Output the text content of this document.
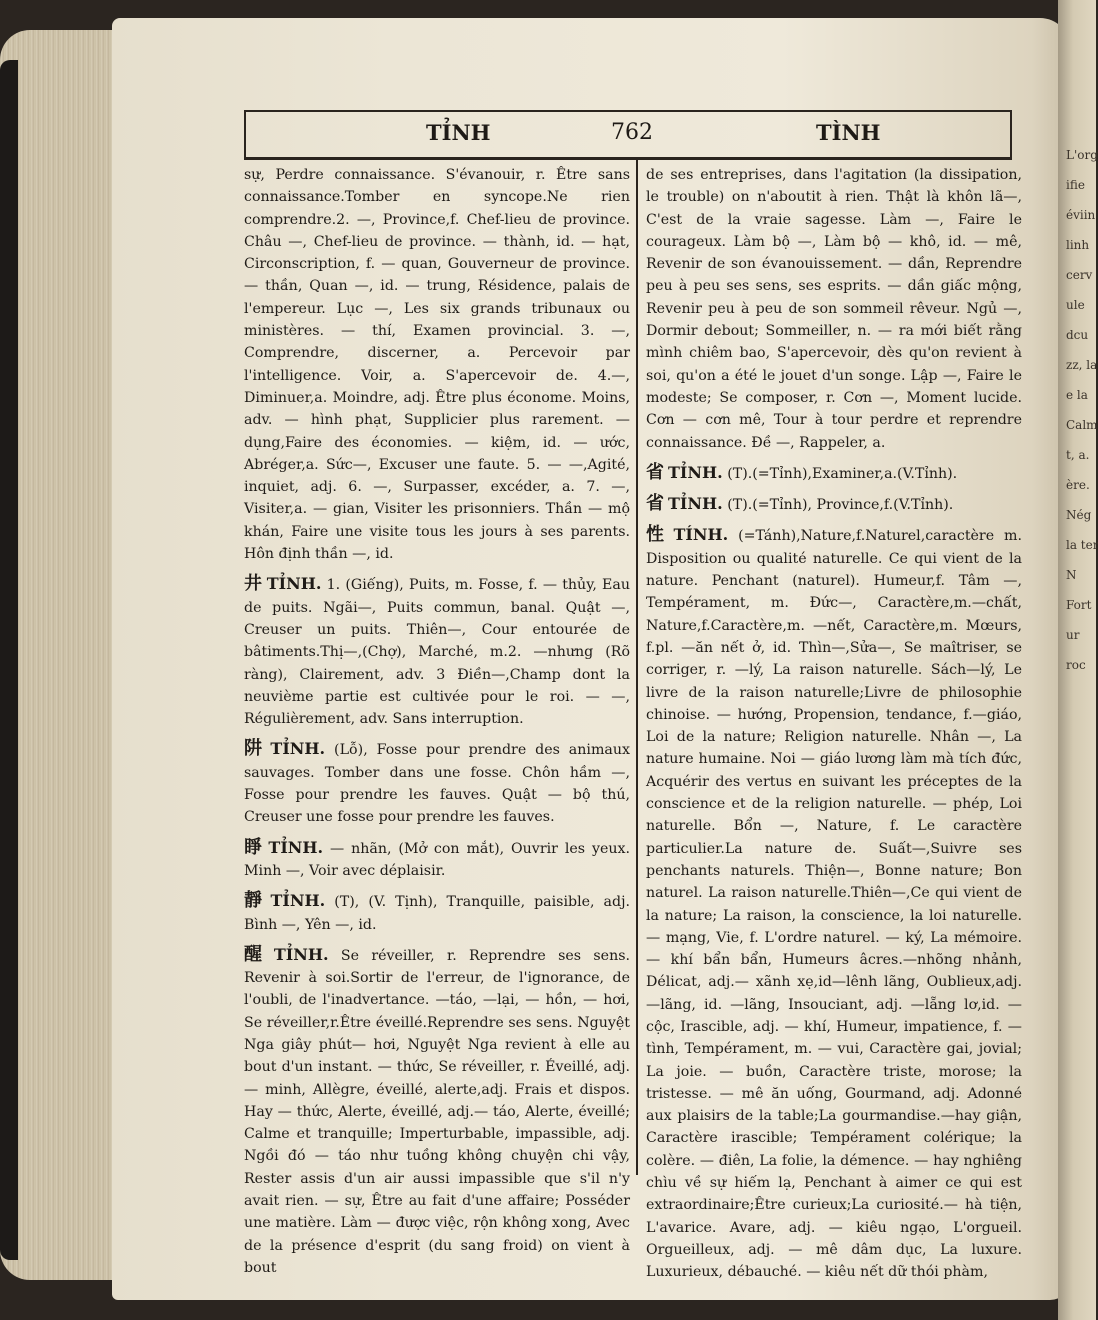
L'org
ifie
éviin
linh
cerv
ule
dcu
zz, la
e la
Calm
t, a.
ère.
Nég
la ter
N
Fort
ur
roc
TỈNH	762	TÌNH

sự, Perdre connaissance. S'évanouir, r. Être sans connaissance.Tomber en syncope.Ne rien comprendre.2. —, Province,f. Chef-lieu de province. Châu —, Chef-lieu de province. — thành, id. — hạt, Circonscription, f. — quan, Gouverneur de province. — thần, Quan —, id. — trung, Résidence, palais de l'empereur. Lục —, Les six grands tribunaux ou ministères. — thí, Examen provincial. 3. —, Comprendre, discerner, a. Percevoir par l'intelligence. Voir, a. S'apercevoir de. 4.—, Diminuer,a. Moindre, adj. Être plus économe. Moins, adv. — hình phạt, Supplicier plus rarement. — dụng,Faire des économies. — kiệm, id. — ước, Abréger,a. Sức—, Excuser une faute. 5. — —,Agité, inquiet, adj. 6. —, Surpasser, excéder, a. 7. —, Visiter,a. — gian, Visiter les prisonniers. Thần — mộ khán, Faire une visite tous les jours à ses parents. Hôn định thần —, id.

井 TỈNH. 1. (Giếng), Puits, m. Fosse, f. — thủy, Eau de puits. Ngãi—, Puits commun, banal. Quật —, Creuser un puits. Thiên—, Cour entourée de bâtiments.Thị—,(Chợ), Marché, m.2. —nhưng (Rõ ràng), Clairement, adv. 3 Điền—,Champ dont la neuvième partie est cultivée pour le roi. — —, Régulièrement, adv. Sans interruption.

阱 TỈNH. (Lỗ), Fosse pour prendre des animaux sauvages. Tomber dans une fosse. Chôn hầm —, Fosse pour prendre les fauves. Quật — bộ thú, Creuser une fosse pour prendre les fauves.

睜 TỈNH. — nhãn, (Mở con mắt), Ouvrir les yeux. Minh —, Voir avec déplaisir.

靜 TỈNH. (T), (V. Tịnh), Tranquille, paisible, adj. Bình —, Yên —, id.

醒 TỈNH. Se réveiller, r. Reprendre ses sens. Revenir à soi.Sortir de l'erreur, de l'ignorance, de l'oubli, de l'inadvertance. —táo, —lại, — hồn, — hơi, Se réveiller,r.Être éveillé.Reprendre ses sens. Nguyệt Nga giây phút— hơi, Nguyệt Nga revient à elle au bout d'un instant. — thức, Se réveiller, r. Éveillé, adj. — minh, Allègre, éveillé, alerte,adj. Frais et dispos. Hay — thức, Alerte, éveillé, adj.— táo, Alerte, éveillé; Calme et tranquille; Imperturbable, impassible, adj. Ngồi đó — táo như tuồng không chuyện chi vậy, Rester assis d'un air aussi impassible que s'il n'y avait rien. — sự, Être au fait d'une affaire; Posséder une matière. Làm — được việc, rộn không xong, Avec de la présence d'esprit (du sang froid) on vient à bout

de ses entreprises, dans l'agitation (la dissipation, le trouble) on n'aboutit à rien. Thật là khôn lã—, C'est de la vraie sagesse. Làm —, Faire le courageux. Làm bộ —, Làm bộ — khô, id. — mê, Revenir de son évanouissement. — dần, Reprendre peu à peu ses sens, ses esprits. — dần giấc mộng, Revenir peu à peu de son sommeil rêveur. Ngủ —, Dormir debout; Sommeiller, n. — ra mới biết rằng mình chiêm bao, S'apercevoir, dès qu'on revient à soi, qu'on a été le jouet d'un songe. Lập —, Faire le modeste; Se composer, r. Cơn —, Moment lucide. Cơn — cơn mê, Tour à tour perdre et reprendre connaissance. Đề —, Rappeler, a.

省 TỈNH. (T).(=Tỉnh),Examiner,a.(V.Tỉnh).

省 TỈNH. (T).(=Tỉnh), Province,f.(V.Tỉnh).

性 TÍNH. (=Tánh),Nature,f.Naturel,caractère m. Disposition ou qualité naturelle. Ce qui vient de la nature. Penchant (naturel). Humeur,f. Tâm —, Tempérament, m. Đức—, Caractère,m.—chất, Nature,f.Caractère,m. —nết, Caractère,m. Mœurs, f.pl. —ăn nết ở, id. Thìn—,Sửa—, Se maîtriser, se corriger, r. —lý, La raison naturelle. Sách—lý, Le livre de la raison naturelle;Livre de philosophie chinoise. — hướng, Propension, tendance, f.—giáo, Loi de la nature; Religion naturelle. Nhân —, La nature humaine. Noi — giáo lương làm mà tích đức, Acquérir des vertus en suivant les préceptes de la conscience et de la religion naturelle. — phép, Loi naturelle. Bổn —, Nature, f. Le caractère particulier.La nature de. Suất—,Suivre ses penchants naturels. Thiện—, Bonne nature; Bon naturel. La raison naturelle.Thiên—,Ce qui vient de la nature; La raison, la conscience, la loi naturelle. — mạng, Vie, f. L'ordre naturel. — ký, La mémoire. — khí bẩn bẩn, Humeurs âcres.—nhõng nhảnh, Délicat, adj.— xãnh xẹ,id—lênh lãng, Oublieux,adj. —lãng, id. —lãng, Insouciant, adj. —lẵng lơ,id. — cộc, Irascible, adj. — khí, Humeur, impatience, f. — tình, Tempérament, m. — vui, Caractère gai, jovial; La joie. — buồn, Caractère triste, morose; la tristesse. — mê ăn uống, Gourmand, adj. Adonné aux plaisirs de la table;La gourmandise.—hay giận, Caractère irascible; Tempérament colérique; la colère. — điên, La folie, la démence. — hay nghiêng chìu về sự hiếm lạ, Penchant à aimer ce qui est extraordinaire;Être curieux;La curiosité.— hà tiện, L'avarice. Avare, adj. — kiêu ngạo, L'orgueil. Orgueilleux, adj. — mê dâm dục, La luxure. Luxurieux, débauché. — kiêu nết dữ thói phàm,
